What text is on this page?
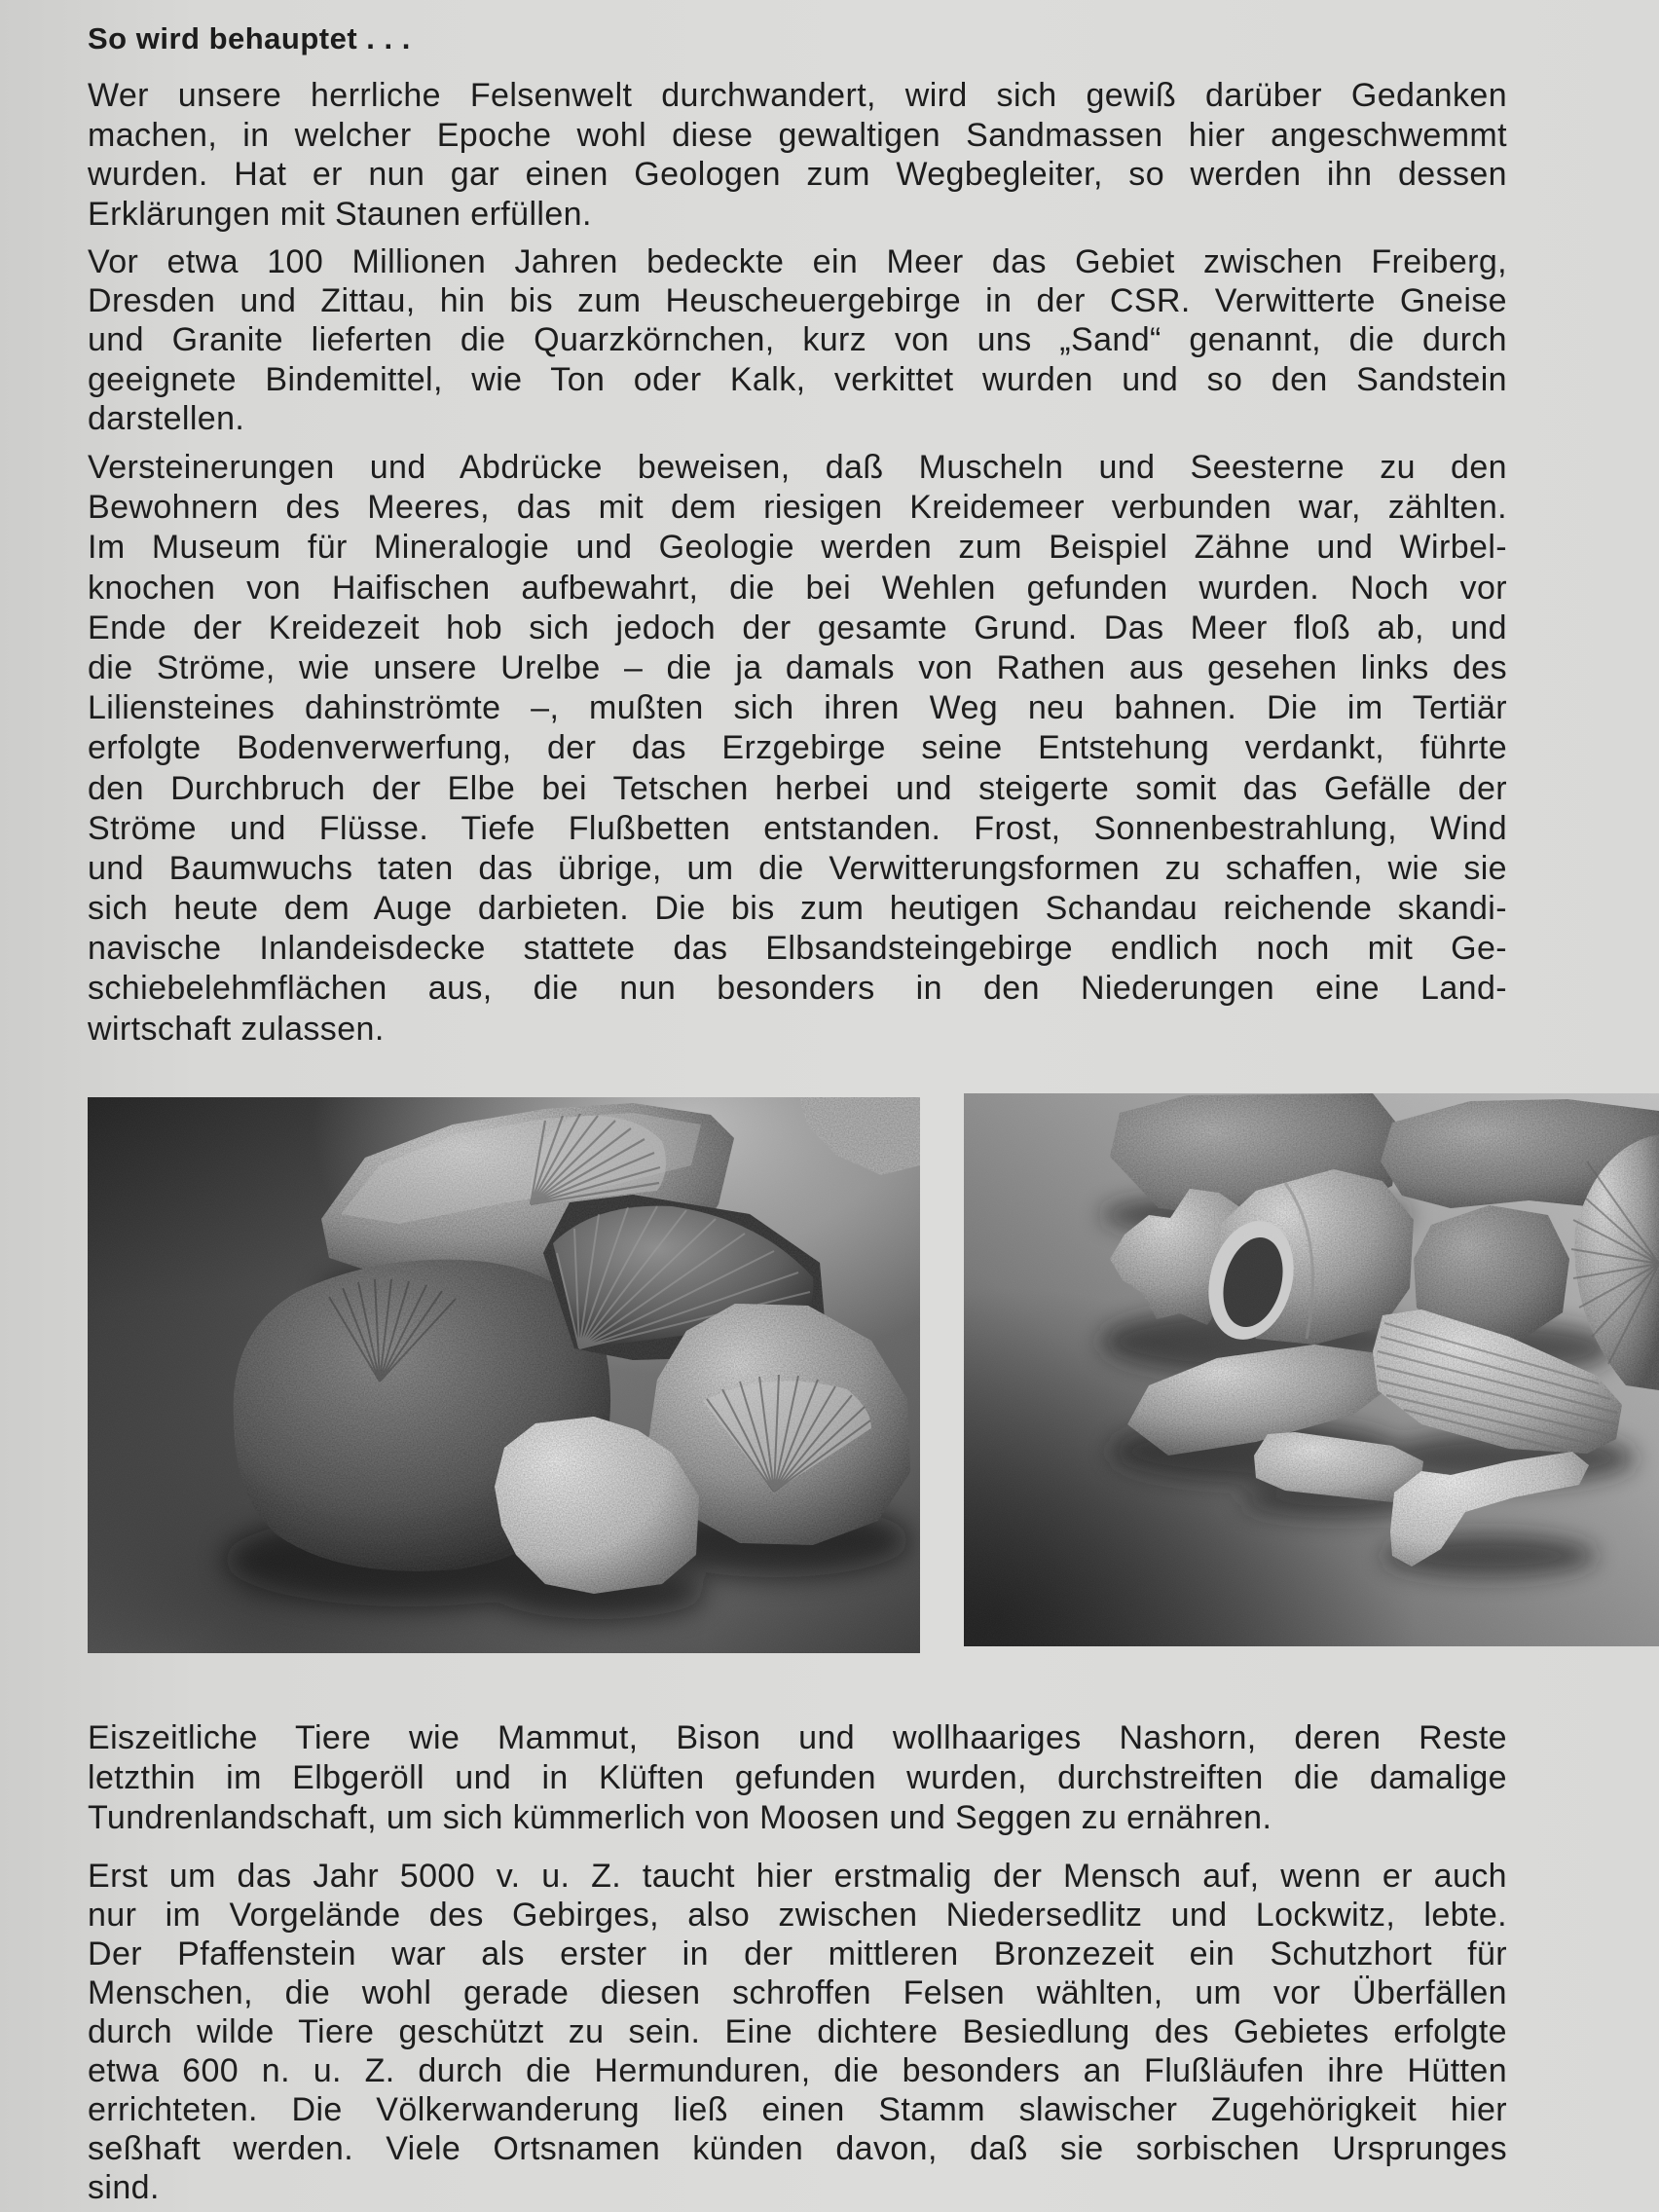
So wird behauptet . . .
Wer unsere herrliche Felsenwelt durchwandert, wird sich gewiß darüber Gedanken
machen, in welcher Epoche wohl diese gewaltigen Sandmassen hier angeschwemmt
wurden. Hat er nun gar einen Geologen zum Wegbegleiter, so werden ihn dessen
Erklärungen mit Staunen erfüllen.
Vor etwa 100 Millionen Jahren bedeckte ein Meer das Gebiet zwischen Freiberg,
Dresden und Zittau, hin bis zum Heuscheuergebirge in der CSR. Verwitterte Gneise
und Granite lieferten die Quarzkörnchen, kurz von uns „Sand“ genannt, die durch
geeignete Bindemittel, wie Ton oder Kalk, verkittet wurden und so den Sandstein
darstellen.
Versteinerungen und Abdrücke beweisen, daß Muscheln und Seesterne zu den
Bewohnern des Meeres, das mit dem riesigen Kreidemeer verbunden war, zählten.
Im Museum für Mineralogie und Geologie werden zum Beispiel Zähne und Wirbel-
knochen von Haifischen aufbewahrt, die bei Wehlen gefunden wurden. Noch vor
Ende der Kreidezeit hob sich jedoch der gesamte Grund. Das Meer floß ab, und
die Ströme, wie unsere Urelbe – die ja damals von Rathen aus gesehen links des
Liliensteines dahinströmte –, mußten sich ihren Weg neu bahnen. Die im Tertiär
erfolgte Bodenverwerfung, der das Erzgebirge seine Entstehung verdankt, führte
den Durchbruch der Elbe bei Tetschen herbei und steigerte somit das Gefälle der
Ströme und Flüsse. Tiefe Flußbetten entstanden. Frost, Sonnenbestrahlung, Wind
und Baumwuchs taten das übrige, um die Verwitterungsformen zu schaffen, wie sie
sich heute dem Auge darbieten. Die bis zum heutigen Schandau reichende skandi-
navische Inlandeisdecke stattete das Elbsandsteingebirge endlich noch mit Ge-
schiebelehmflächen aus, die nun besonders in den Niederungen eine Land-
wirtschaft zulassen.
Eiszeitliche Tiere wie Mammut, Bison und wollhaariges Nashorn, deren Reste
letzthin im Elbgeröll und in Klüften gefunden wurden, durchstreiften die damalige
Tundrenlandschaft, um sich kümmerlich von Moosen und Seggen zu ernähren.
Erst um das Jahr 5000 v. u. Z. taucht hier erstmalig der Mensch auf, wenn er auch
nur im Vorgelände des Gebirges, also zwischen Niedersedlitz und Lockwitz, lebte.
Der Pfaffenstein war als erster in der mittleren Bronzezeit ein Schutzhort für
Menschen, die wohl gerade diesen schroffen Felsen wählten, um vor Überfällen
durch wilde Tiere geschützt zu sein. Eine dichtere Besiedlung des Gebietes erfolgte
etwa 600 n. u. Z. durch die Hermunduren, die besonders an Flußläufen ihre Hütten
errichteten. Die Völkerwanderung ließ einen Stamm slawischer Zugehörigkeit hier
seßhaft werden. Viele Ortsnamen künden davon, daß sie sorbischen Ursprunges
sind.
